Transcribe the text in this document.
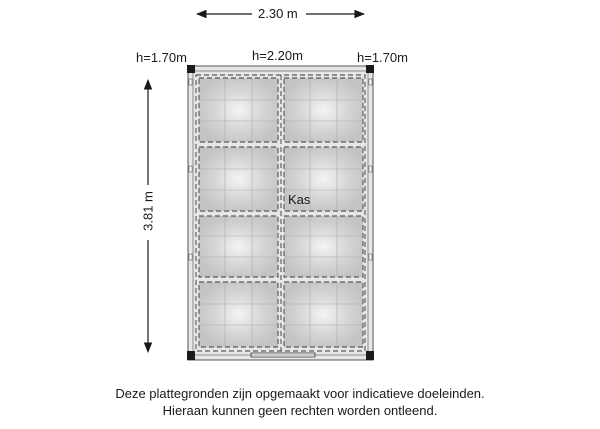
2.30 m
h=1.70m	h=2.20m	h=1.70m
Kas
3.81 m
Deze plattegronden zijn opgemaakt voor indicatieve doeleinden.
Hieraan kunnen geen rechten worden ontleend.
